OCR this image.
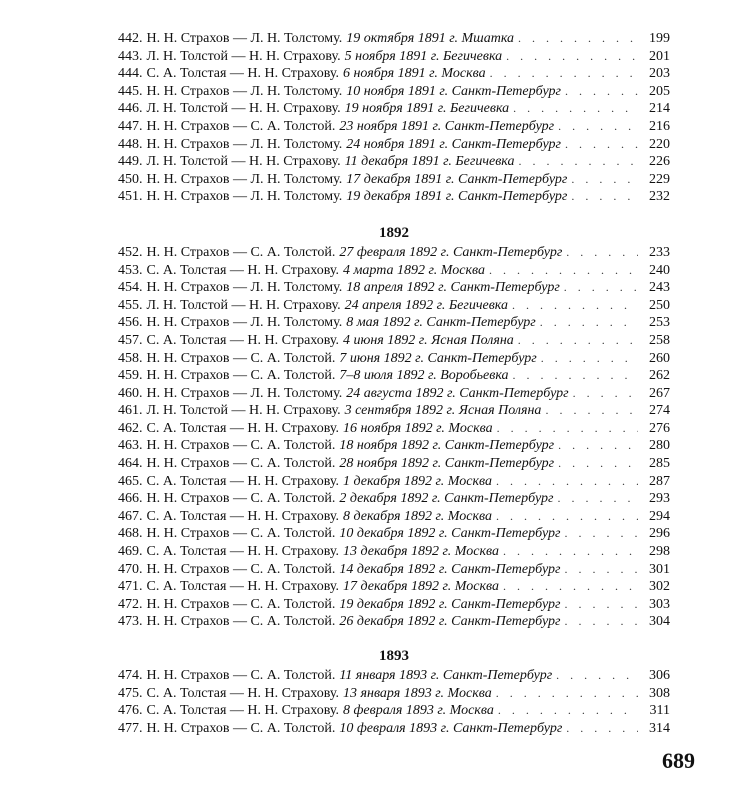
442. Н. Н. Страхов — Л. Н. Толстому. 19 октября 1891 г. Мшатка . . .	199
443. Л. Н. Толстой — Н. Н. Страхову. 5 ноября 1891 г. Бегичевка . . .	201
444. С. А. Толстая — Н. Н. Страхову. 6 ноября 1891 г. Москва . . .	203
445. Н. Н. Страхов — Л. Н. Толстому. 10 ноября 1891 г. Санкт-Петербург . . .	205
446. Л. Н. Толстой — Н. Н. Страхову. 19 ноября 1891 г. Бегичевка . . .	214
447. Н. Н. Страхов — С. А. Толстой. 23 ноября 1891 г. Санкт-Петербург . . .	216
448. Н. Н. Страхов — Л. Н. Толстому. 24 ноября 1891 г. Санкт-Петербург . . .	220
449. Л. Н. Толстой — Н. Н. Страхову. 11 декабря 1891 г. Бегичевка . . .	226
450. Н. Н. Страхов — Л. Н. Толстому. 17 декабря 1891 г. Санкт-Петербург . . .	229
451. Н. Н. Страхов — Л. Н. Толстому. 19 декабря 1891 г. Санкт-Петербург . . .	232
1892
452. Н. Н. Страхов — С. А. Толстой. 27 февраля 1892 г. Санкт-Петербург . . .	233
453. С. А. Толстая — Н. Н. Страхову. 4 марта 1892 г. Москва . . .	240
454. Н. Н. Страхов — Л. Н. Толстому. 18 апреля 1892 г. Санкт-Петербург . . .	243
455. Л. Н. Толстой — Н. Н. Страхову. 24 апреля 1892 г. Бегичевка . . .	250
456. Н. Н. Страхов — Л. Н. Толстому. 8 мая 1892 г. Санкт-Петербург . . .	253
457. С. А. Толстая — Н. Н. Страхову. 4 июня 1892 г. Ясная Поляна . . .	258
458. Н. Н. Страхов — С. А. Толстой. 7 июня 1892 г. Санкт-Петербург . . .	260
459. Н. Н. Страхов — С. А. Толстой. 7–8 июля 1892 г. Воробьевка . . .	262
460. Н. Н. Страхов — Л. Н. Толстому. 24 августа 1892 г. Санкт-Петербург . . .	267
461. Л. Н. Толстой — Н. Н. Страхову. 3 сентября 1892 г. Ясная Поляна . . .	274
462. С. А. Толстая — Н. Н. Страхову. 16 ноября 1892 г. Москва . . .	276
463. Н. Н. Страхов — С. А. Толстой. 18 ноября 1892 г. Санкт-Петербург . . .	280
464. Н. Н. Страхов — С. А. Толстой. 28 ноября 1892 г. Санкт-Петербург . . .	285
465. С. А. Толстая — Н. Н. Страхову. 1 декабря 1892 г. Москва . . .	287
466. Н. Н. Страхов — С. А. Толстой. 2 декабря 1892 г. Санкт-Петербург . . .	293
467. С. А. Толстая — Н. Н. Страхову. 8 декабря 1892 г. Москва . . .	294
468. Н. Н. Страхов — С. А. Толстой. 10 декабря 1892 г. Санкт-Петербург . . .	296
469. С. А. Толстая — Н. Н. Страхову. 13 декабря 1892 г. Москва . . .	298
470. Н. Н. Страхов — С. А. Толстой. 14 декабря 1892 г. Санкт-Петербург . . .	301
471. С. А. Толстая — Н. Н. Страхову. 17 декабря 1892 г. Москва . . .	302
472. Н. Н. Страхов — С. А. Толстой. 19 декабря 1892 г. Санкт-Петербург . . .	303
473. Н. Н. Страхов — С. А. Толстой. 26 декабря 1892 г. Санкт-Петербург . . .	304
1893
474. Н. Н. Страхов — С. А. Толстой. 11 января 1893 г. Санкт-Петербург . . .	306
475. С. А. Толстая — Н. Н. Страхову. 13 января 1893 г. Москва . . .	308
476. С. А. Толстая — Н. Н. Страхову. 8 февраля 1893 г. Москва . . .	311
477. Н. Н. Страхов — С. А. Толстой. 10 февраля 1893 г. Санкт-Петербург . . .	314
689
